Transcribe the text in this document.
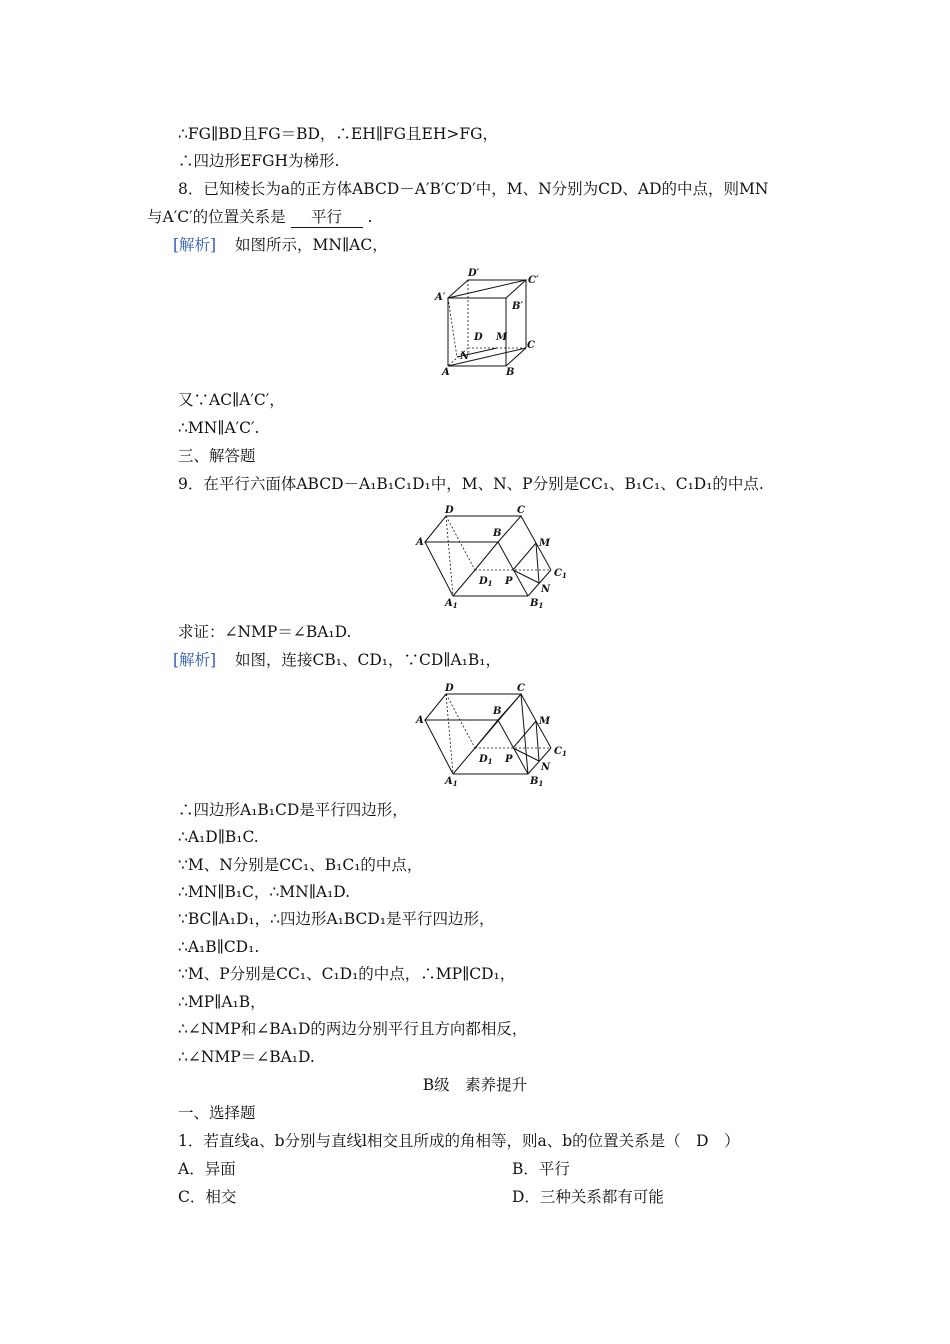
∴FG∥BD且FG＝BD，∴EH∥FG且EH>FG，
∴四边形EFGH为梯形.
8．已知棱长为a的正方体ABCD－A′B′C′D′中，M、N分别为CD、AD的中点，则MN
与A′C′的位置关系是 平行 .
[解析] 如图所示，MN∥AC，
D′
C′
A′
B′
D M
C
N
A	B
又∵AC∥A′C′，
∴MN∥A′C′.
三、解答题
9．在平行六面体ABCD－A₁B₁C₁D₁中，M、N、P分别是CC₁、B₁C₁、C₁D₁的中点.
D	C
A
B
M
$C_1$
$D_1$ P
N
$A_1$	$B_1$
求证：∠NMP＝∠BA₁D.
[解析] 如图，连接CB₁、CD₁，∵CD∥A₁B₁，
D	C
A
B
M
$C_1$
$D_1$ P
N
$A_1$	$B_1$
∴四边形A₁B₁CD是平行四边形，
∴A₁D∥B₁C.
∵M、N分别是CC₁、B₁C₁的中点，
∴MN∥B₁C，∴MN∥A₁D.
∵BC∥A₁D₁，∴四边形A₁BCD₁是平行四边形，
∴A₁B∥CD₁.
∵M、P分别是CC₁、C₁D₁的中点，∴MP∥CD₁，
∴MP∥A₁B，
∴∠NMP和∠BA₁D的两边分别平行且方向都相反，
∴∠NMP＝∠BA₁D.
B级　素养提升
一、选择题
1．若直线a、b分别与直线l相交且所成的角相等，则a、b的位置关系是（　D　）
A．异面	B．平行
C．相交	D．三种关系都有可能
